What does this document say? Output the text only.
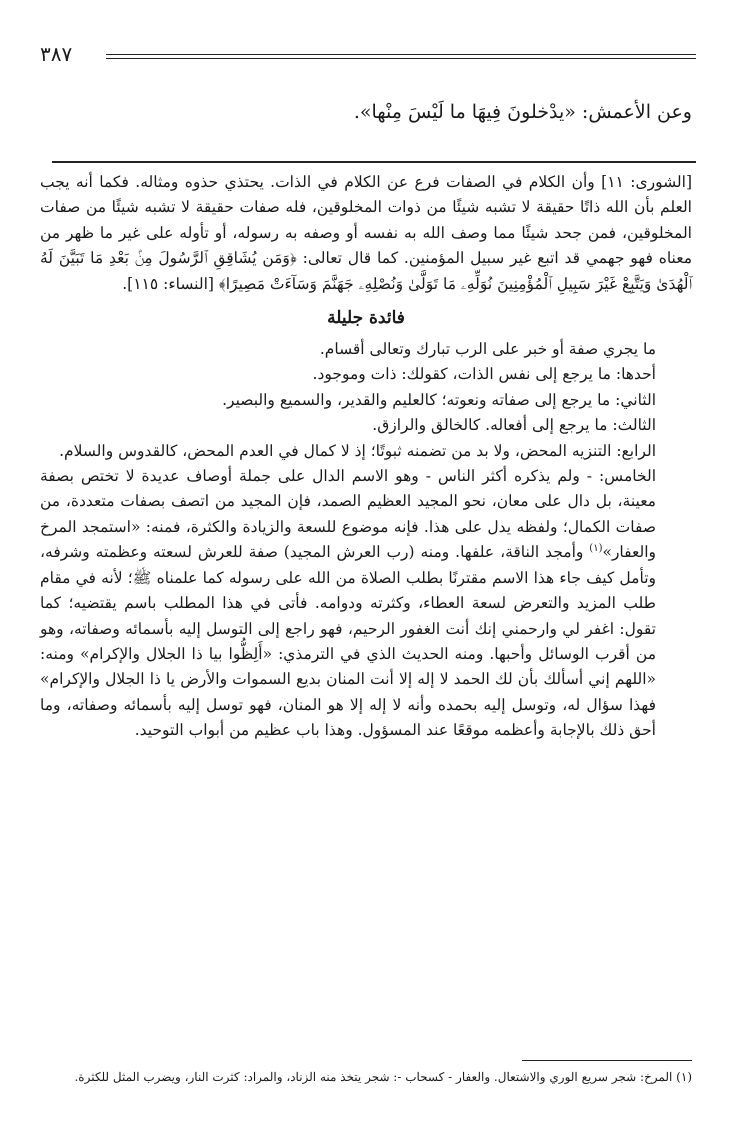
٣٨٧
وعن الأعمش: «يدْخلونَ فِيهَا ما لَيْسَ مِنْها».

[الشورى: ١١] وأن الكلام في الصفات فرع عن الكلام في الذات. يحتذي حذوه ومثاله. فكما أنه يجب العلم بأن الله ذاتًا حقيقة لا تشبه شيئًا من ذوات المخلوقين، فله صفات حقيقة لا تشبه شيئًا من صفات المخلوقين، فمن جحد شيئًا مما وصف الله به نفسه أو وصفه به رسوله، أو تأوله على غير ما ظهر من معناه فهو جهمي قد اتبع غير سبيل المؤمنين. كما قال تعالى: ﴿وَمَن يُشَاقِقِ ٱلرَّسُولَ مِنۢ بَعْدِ مَا تَبَيَّنَ لَهُ ٱلْهُدَىٰ وَيَتَّبِعْ غَيْرَ سَبِيلِ ٱلْمُؤْمِنِينَ نُوَلِّهِۦ مَا تَوَلَّىٰ وَنُصْلِهِۦ جَهَنَّمَ وَسَآءَتْ مَصِيرًا﴾ [النساء: ١١٥].

فائدة جليلة

ما يجري صفة أو خبر على الرب تبارك وتعالى أقسام.

أحدها: ما يرجع إلى نفس الذات، كقولك: ذات وموجود.

الثاني: ما يرجع إلى صفاته ونعوته؛ كالعليم والقدير، والسميع والبصير.

الثالث: ما يرجع إلى أفعاله. كالخالق والرازق.

الرابع: التنزيه المحض، ولا بد من تضمنه ثبوتًا؛ إذ لا كمال في العدم المحض، كالقدوس والسلام.

الخامس: - ولم يذكره أكثر الناس - وهو الاسم الدال على جملة أوصاف عديدة لا تختص بصفة معينة، بل دال على معان، نحو المجيد العظيم الصمد، فإن المجيد من اتصف بصفات متعددة، من صفات الكمال؛ ولفظه يدل على هذا. فإنه موضوع للسعة والزيادة والكثرة، فمنه: «استمجد المرخ والعفار»$^{(١)}$ وأمجد الناقة، علفها. ومنه (رب العرش المجيد) صفة للعرش لسعته وعظمته وشرفه، وتأمل كيف جاء هذا الاسم مقترنًا بطلب الصلاة من الله على رسوله كما علمناه ﷺ؛ لأنه في مقام طلب المزيد والتعرض لسعة العطاء، وكثرته ودوامه. فأتى في هذا المطلب باسم يقتضيه؛ كما تقول: اغفر لي وارحمني إنك أنت الغفور الرحيم، فهو راجع إلى التوسل إليه بأسمائه وصفاته، وهو من أقرب الوسائل وأحبها. ومنه الحديث الذي في الترمذي: «أَلِظُّوا بيا ذا الجلال والإكرام» ومنه: «اللهم إني أسألك بأن لك الحمد لا إله إلا أنت المنان بديع السموات والأرض يا ذا الجلال والإكرام» فهذا سؤال له، وتوسل إليه بحمده وأنه لا إله إلا هو المنان، فهو توسل إليه بأسمائه وصفاته، وما أحق ذلك بالإجابة وأعظمه موقعًا عند المسؤول. وهذا باب عظيم من أبواب التوحيد.

(١) المرخ: شجر سريع الوري والاشتعال. والعفار - كسحاب -: شجر يتخذ منه الزناد، والمراد: كثرت النار، ويضرب المثل للكثرة.
